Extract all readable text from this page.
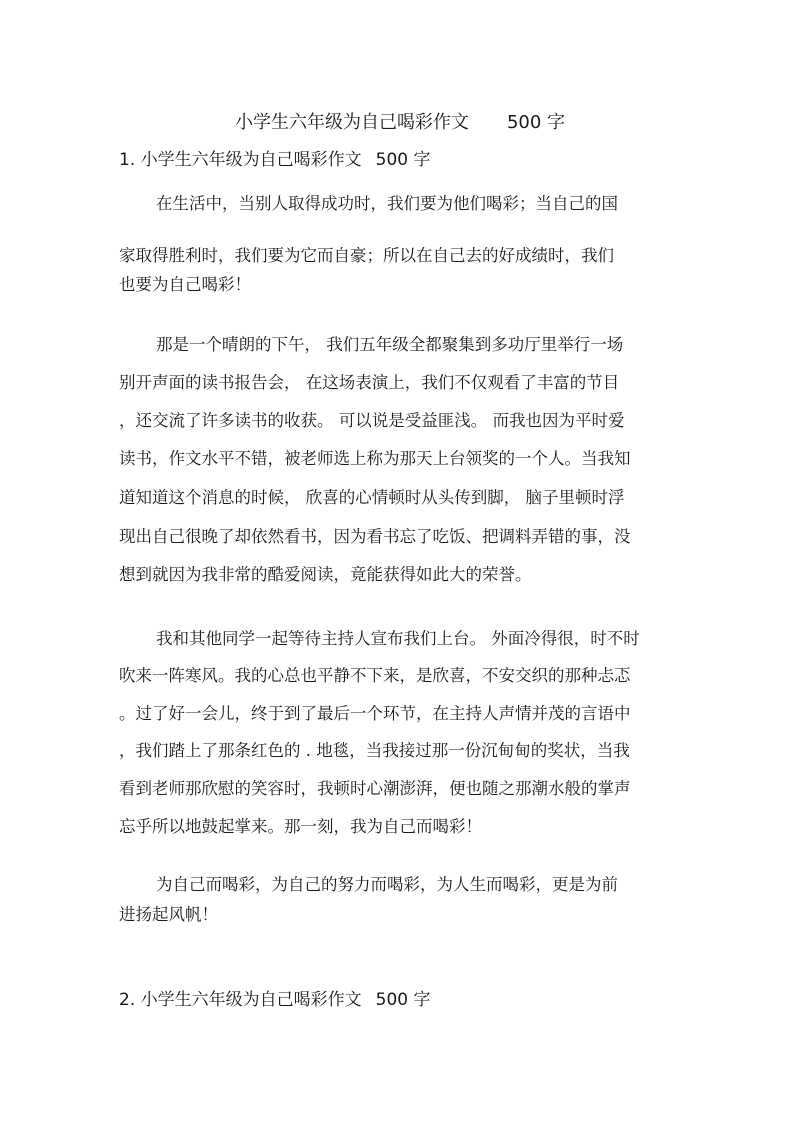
小学生六年级为自己喝彩作文 500 字
1. 小学生六年级为自己喝彩作文 500 字
在生活中，当别人取得成功时，我们要为他们喝彩；当自己的国
家取得胜利时，我们要为它而自豪；所以在自己去的好成绩时，我们
也要为自己喝彩！
那是一个晴朗的下午， 我们五年级全都聚集到多功厅里举行一场
别开声面的读书报告会， 在这场表演上，我们不仅观看了丰富的节目
，还交流了许多读书的收获。 可以说是受益匪浅。 而我也因为平时爱
读书，作文水平不错，被老师选上称为那天上台领奖的一个人。当我知
道知道这个消息的时候， 欣喜的心情顿时从头传到脚， 脑子里顿时浮
现出自己很晚了却依然看书，因为看书忘了吃饭、把调料弄错的事，没
想到就因为我非常的酷爱阅读，竟能获得如此大的荣誉。
我和其他同学一起等待主持人宣布我们上台。 外面冷得很，时不时
吹来一阵寒风。我的心总也平静不下来，是欣喜，不安交织的那种忐忑
。过了好一会儿，终于到了最后一个环节，在主持人声情并茂的言语中
，我们踏上了那条红色的 . 地毯，当我接过那一份沉甸甸的奖状，当我
看到老师那欣慰的笑容时，我顿时心潮澎湃，便也随之那潮水般的掌声
忘乎所以地鼓起掌来。那一刻，我为自己而喝彩！
为自己而喝彩，为自己的努力而喝彩，为人生而喝彩，更是为前
进扬起风帆！
2. 小学生六年级为自己喝彩作文 500 字
